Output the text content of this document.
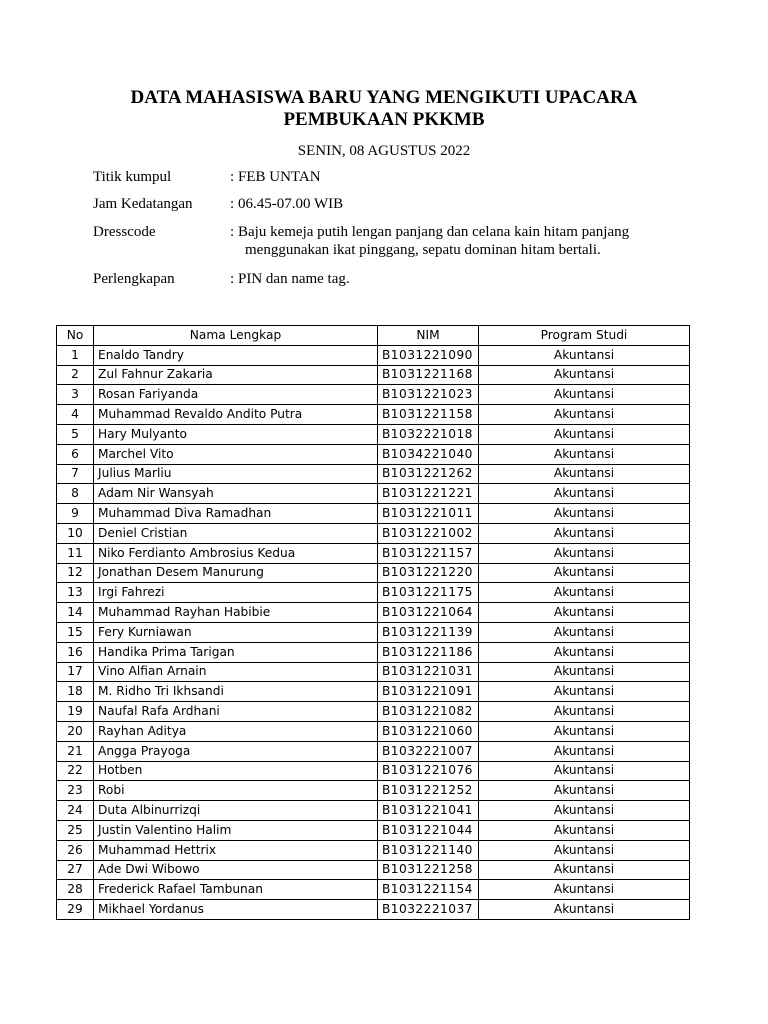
DATA MAHASISWA BARU YANG MENGIKUTI UPACARA
PEMBUKAAN PKKMB
SENIN, 08 AGUSTUS 2022
Titik kumpul	: FEB UNTAN
Jam Kedatangan	: 06.45-07.00 WIB
Dresscode	: Baju kemeja putih lengan panjang dan celana kain hitam panjang
menggunakan ikat pinggang, sepatu dominan hitam bertali.
Perlengkapan	: PIN dan name tag.
No	Nama Lengkap	NIM	Program Studi
1	Enaldo Tandry	B1031221090	Akuntansi
2	Zul Fahnur Zakaria	B1031221168	Akuntansi
3	Rosan Fariyanda	B1031221023	Akuntansi
4	Muhammad Revaldo Andito Putra	B1031221158	Akuntansi
5	Hary Mulyanto	B1032221018	Akuntansi
6	Marchel Vito	B1034221040	Akuntansi
7	Julius Marliu	B1031221262	Akuntansi
8	Adam Nir Wansyah	B1031221221	Akuntansi
9	Muhammad Diva Ramadhan	B1031221011	Akuntansi
10	Deniel Cristian	B1031221002	Akuntansi
11	Niko Ferdianto Ambrosius Kedua	B1031221157	Akuntansi
12	Jonathan Desem Manurung	B1031221220	Akuntansi
13	Irgi Fahrezi	B1031221175	Akuntansi
14	Muhammad Rayhan Habibie	B1031221064	Akuntansi
15	Fery Kurniawan	B1031221139	Akuntansi
16	Handika Prima Tarigan	B1031221186	Akuntansi
17	Vino Alfian Arnain	B1031221031	Akuntansi
18	M. Ridho Tri Ikhsandi	B1031221091	Akuntansi
19	Naufal Rafa Ardhani	B1031221082	Akuntansi
20	Rayhan Aditya	B1031221060	Akuntansi
21	Angga Prayoga	B1032221007	Akuntansi
22	Hotben	B1031221076	Akuntansi
23	Robi	B1031221252	Akuntansi
24	Duta Albinurrizqi	B1031221041	Akuntansi
25	Justin Valentino Halim	B1031221044	Akuntansi
26	Muhammad Hettrix	B1031221140	Akuntansi
27	Ade Dwi Wibowo	B1031221258	Akuntansi
28	Frederick Rafael Tambunan	B1031221154	Akuntansi
29	Mikhael Yordanus	B1032221037	Akuntansi
